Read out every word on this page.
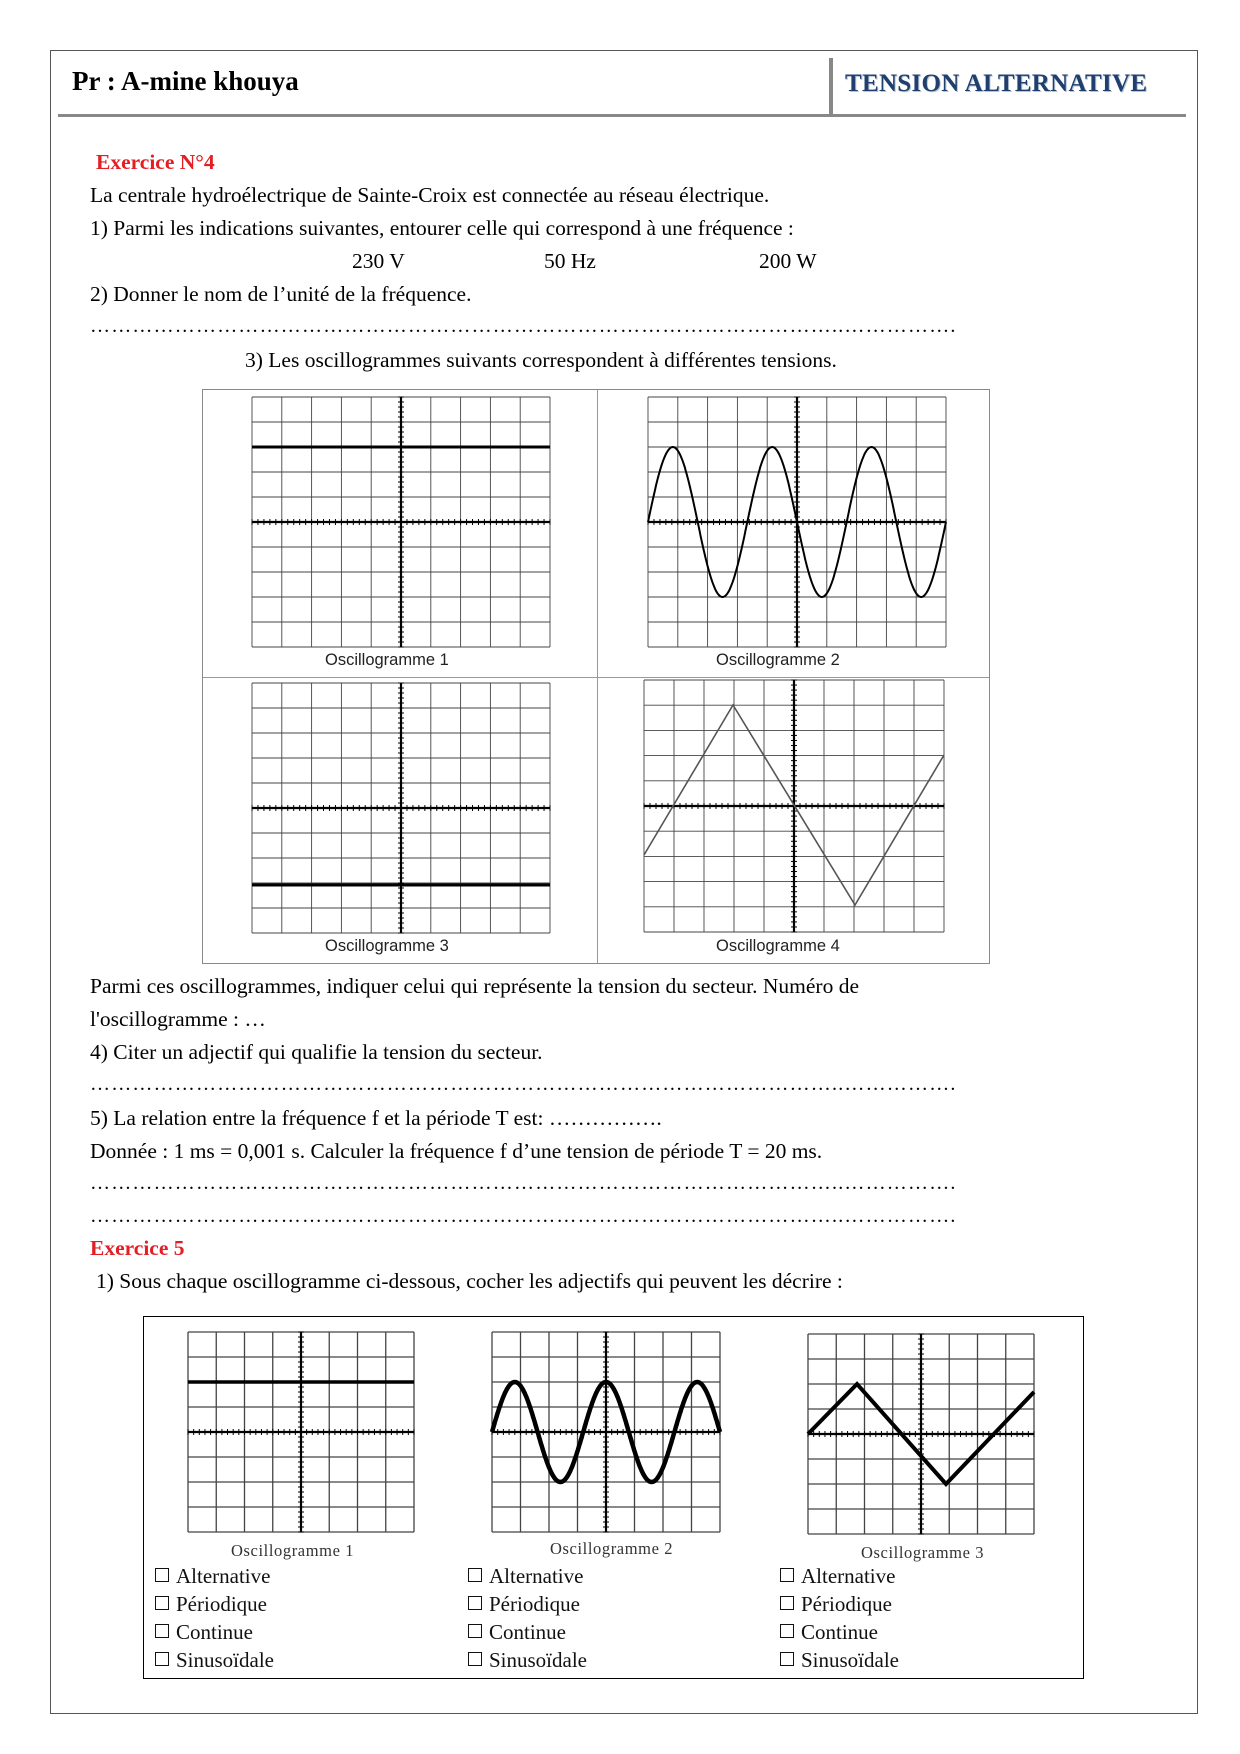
Pr : A-mine khouya	TENSION ALTERNATIVE
Exercice N°4
La centrale hydroélectrique de Sainte-Croix est connectée au réseau électrique.
1) Parmi les indications suivantes, entourer celle qui correspond à une fréquence :
230 V	50 Hz	200 W
2) Donner le nom de l’unité de la fréquence.
……………………………………………………………………………………………..…………….
3) Les oscillogrammes suivants correspondent à différentes tensions.
Oscillogramme 1	Oscillogramme 2
Oscillogramme 3	Oscillogramme 4
Parmi ces oscillogrammes, indiquer celui qui représente la tension du secteur. Numéro de
l'oscillogramme : …
4) Citer un adjectif qui qualifie la tension du secteur.
……………………………………………………………………………………………..…………….
5) La relation entre la fréquence f et la période T est: …………….
Donnée : 1 ms = 0,001 s. Calculer la fréquence f d’une tension de période T = 20 ms.
……………………………………………………………………………………………..…………….
……………………………………………………………………………………………..…………….
Exercice 5
1) Sous chaque oscillogramme ci-dessous, cocher les adjectifs qui peuvent les décrire :
Oscillogramme 1	Oscillogramme 2	Oscillogramme 3
Alternative
Périodique
Continue
Sinusoïdale
Alternative
Périodique
Continue
Sinusoïdale
Alternative
Périodique
Continue
Sinusoïdale
